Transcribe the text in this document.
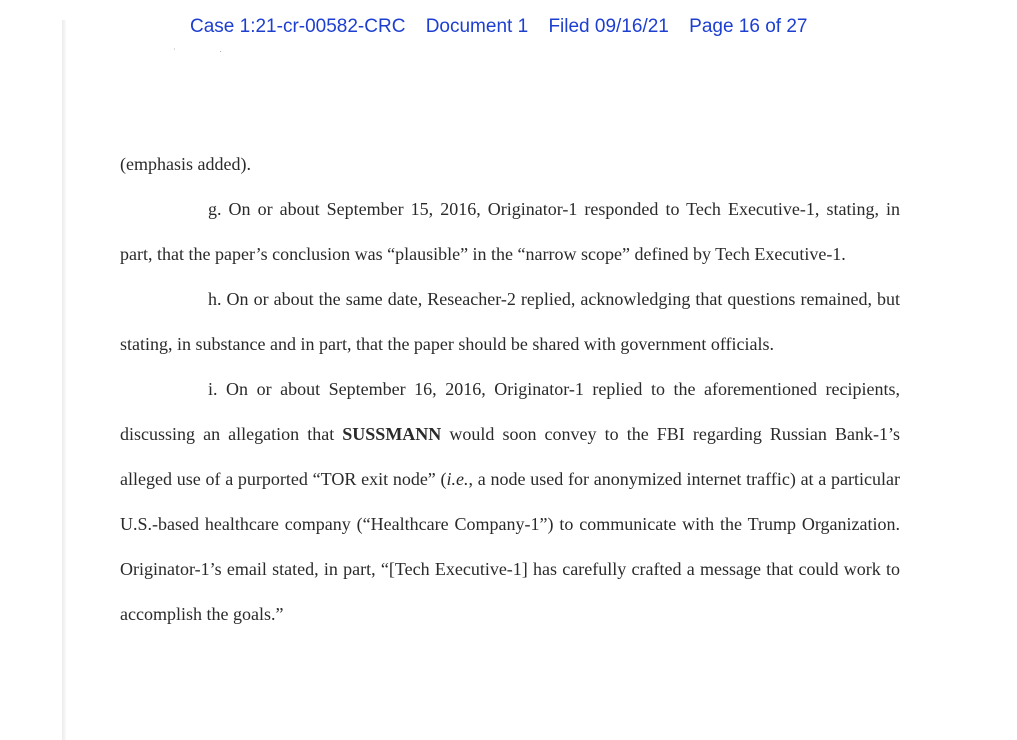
Case 1:21-cr-00582-CRC Document 1 Filed 09/16/21 Page 16 of 27
·.

(emphasis added).

g. On or about September 15, 2016, Originator-1 responded to Tech Executive-1, stating, in part, that the paper’s conclusion was “plausible” in the “narrow scope” defined by Tech Executive-1.

h. On or about the same date, Reseacher-2 replied, acknowledging that questions remained, but stating, in substance and in part, that the paper should be shared with government officials.

i. On or about September 16, 2016, Originator-1 replied to the aforementioned recipients, discussing an allegation that SUSSMANN would soon convey to the FBI regarding Russian Bank-1’s alleged use of a purported “TOR exit node” (i.e., a node used for anonymized internet traffic) at a particular U.S.-based healthcare company (“Healthcare Company-1”) to communicate with the Trump Organization. Originator-1’s email stated, in part, “[Tech Executive-1] has carefully crafted a message that could work to accomplish the goals.”
